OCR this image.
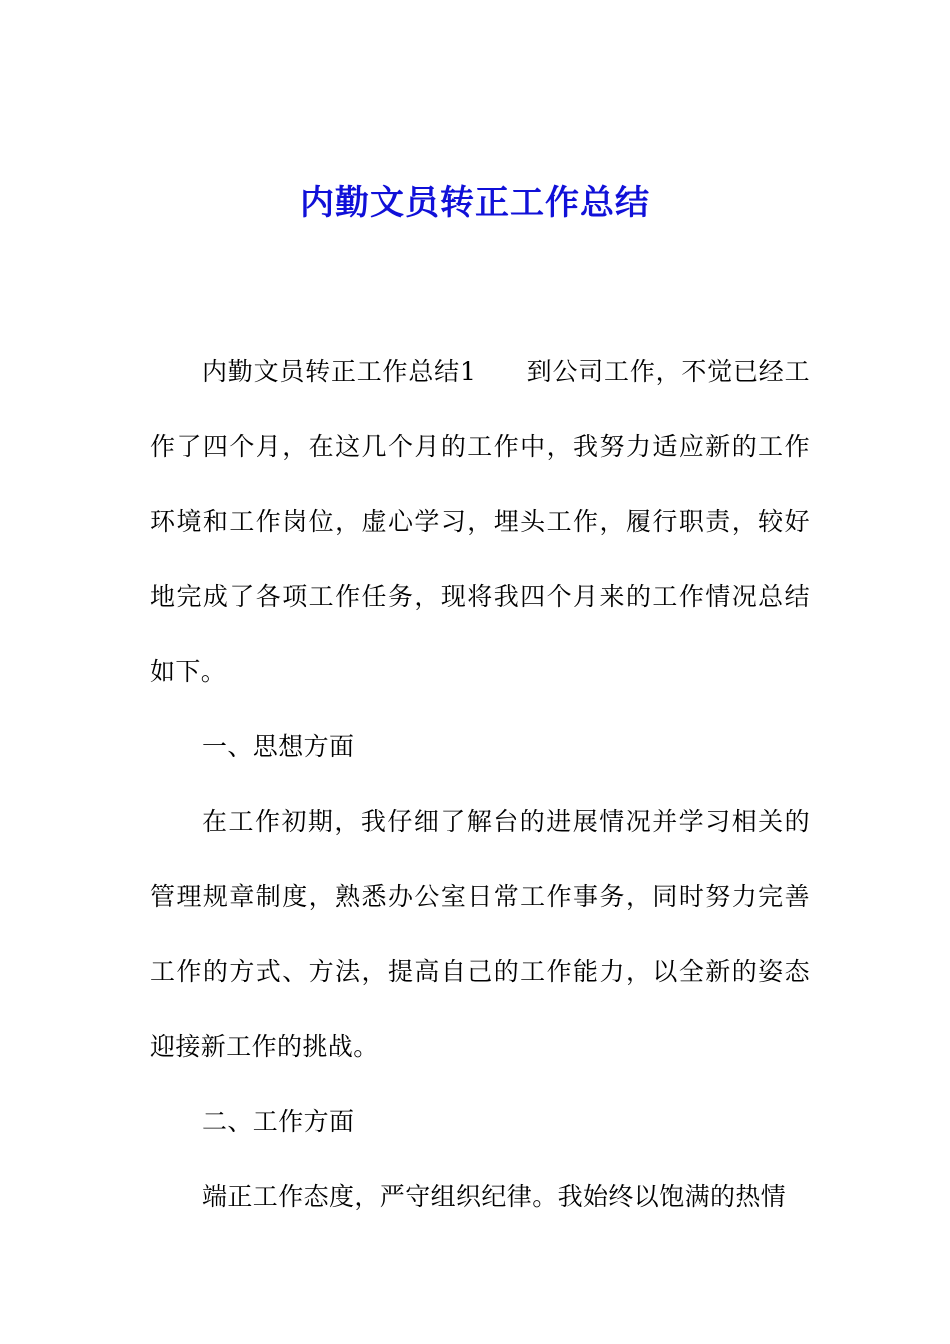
内勤文员转正工作总结

内勤文员转正工作总结1 到公司工作，不觉已经工作了四个月，在这几个月的工作中，我努力适应新的工作环境和工作岗位，虚心学习，埋头工作，履行职责，较好地完成了各项工作任务，现将我四个月来的工作情况总结如下。

一、思想方面

在工作初期，我仔细了解台的进展情况并学习相关的管理规章制度，熟悉办公室日常工作事务，同时努力完善工作的方式、方法，提高自己的工作能力，以全新的姿态迎接新工作的挑战。

二、工作方面

端正工作态度，严守组织纪律。我始终以饱满的热情
